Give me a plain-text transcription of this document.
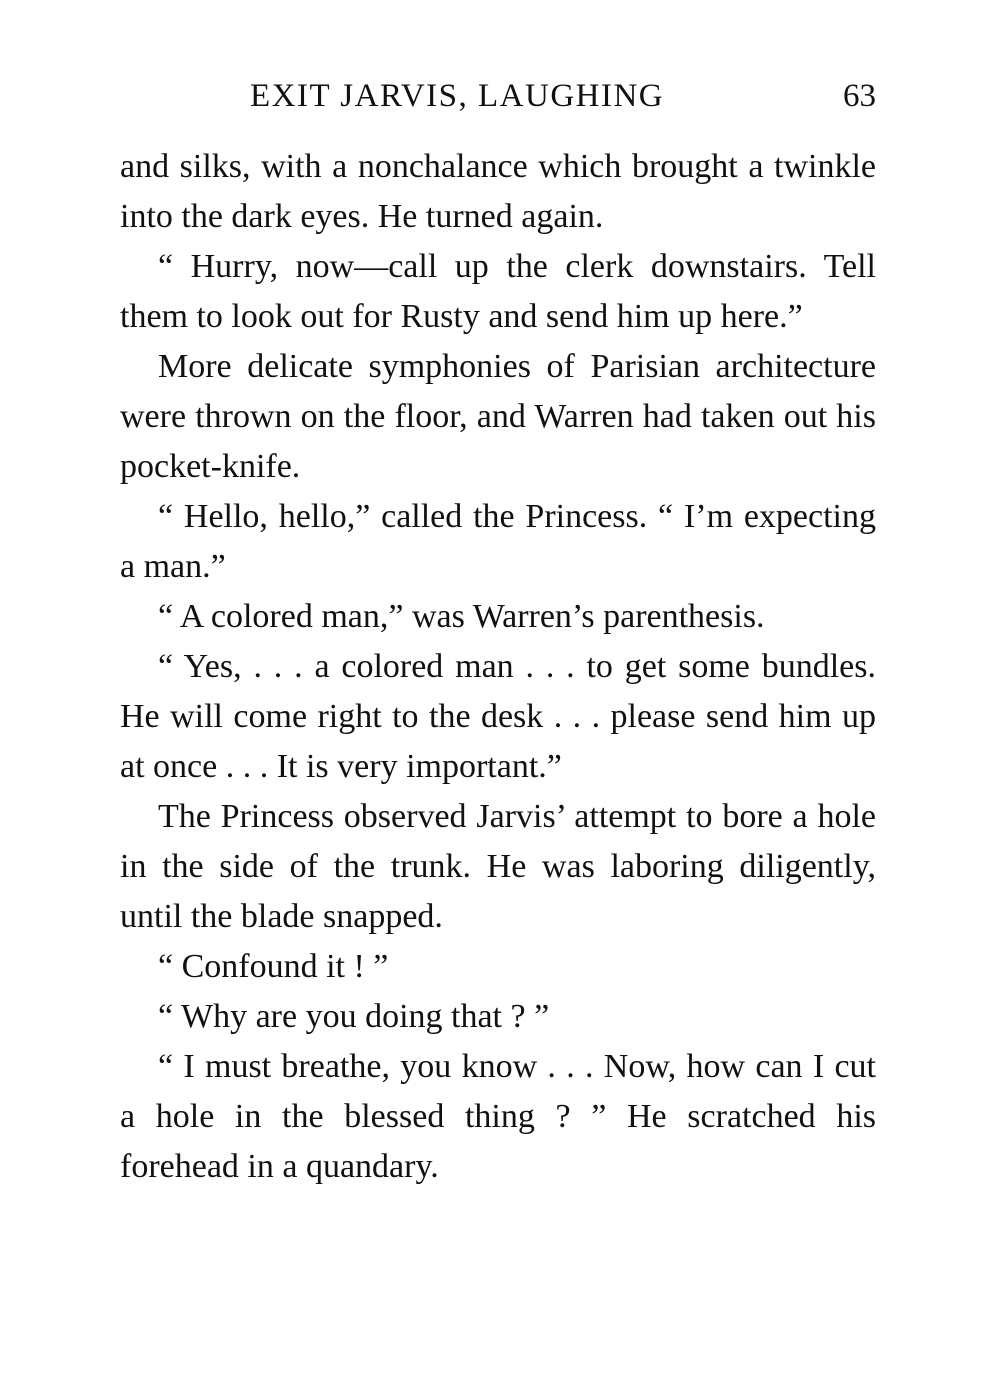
EXIT JARVIS, LAUGHING	63

and silks, with a nonchalance which brought a twinkle into the dark eyes. He turned again.

“ Hurry, now—call up the clerk downstairs. Tell them to look out for Rusty and send him up here.”

More delicate symphonies of Parisian architecture were thrown on the floor, and Warren had taken out his pocket-knife.

“ Hello, hello,” called the Princess. “ I’m expecting a man.”

“ A colored man,” was Warren’s parenthesis.

“ Yes, . . . a colored man . . . to get some bundles. He will come right to the desk . . . please send him up at once . . . It is very important.”

The Princess observed Jarvis’ attempt to bore a hole in the side of the trunk. He was laboring diligently, until the blade snapped.

“ Confound it ! ”

“ Why are you doing that ? ”

“ I must breathe, you know . . . Now, how can I cut a hole in the blessed thing ? ” He scratched his forehead in a quandary.
